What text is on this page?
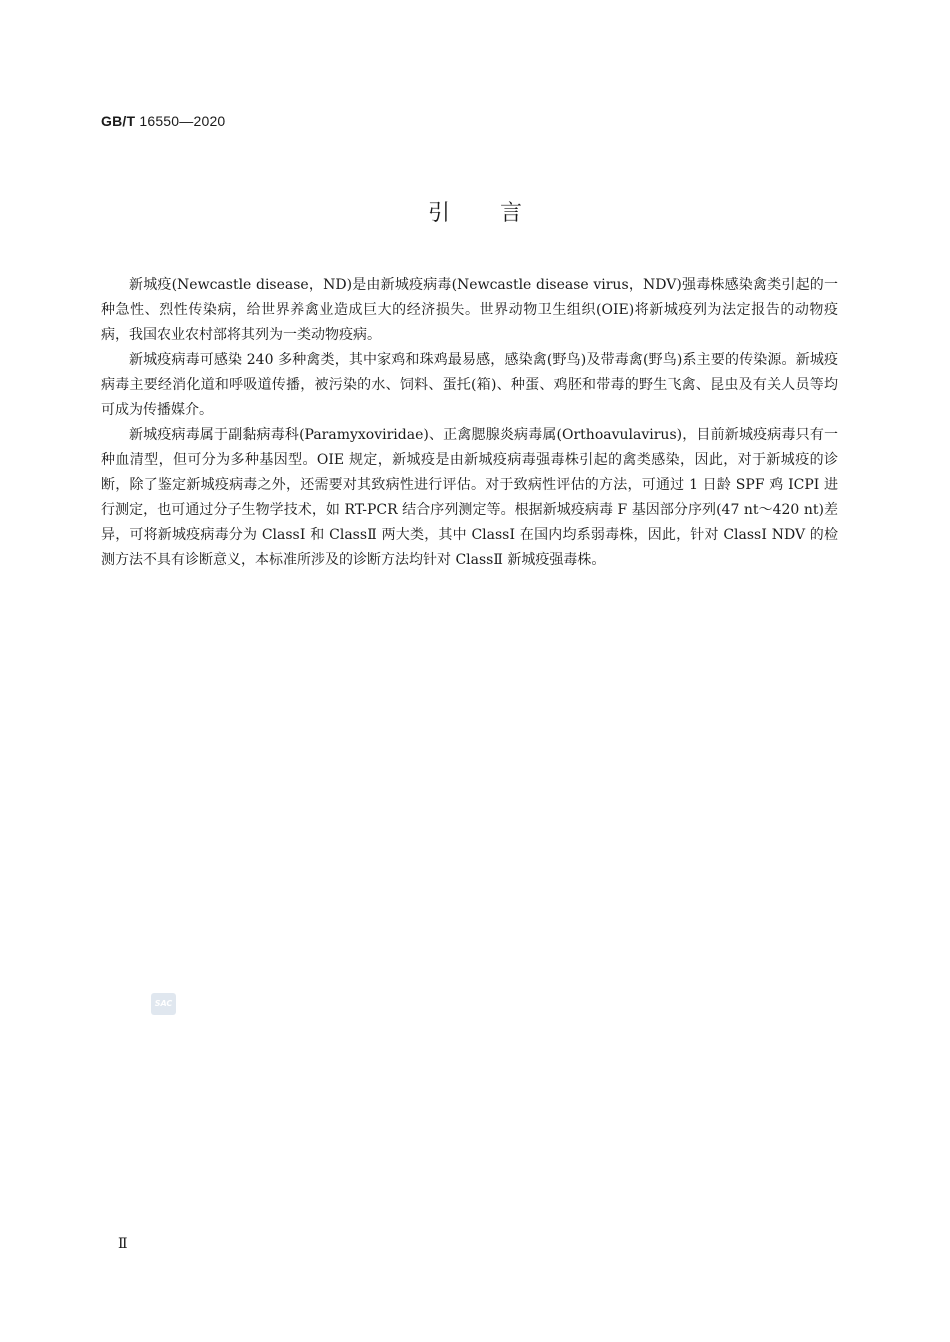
GB/T 16550—2020
引言

新城疫(Newcastle disease，ND)是由新城疫病毒(Newcastle disease virus，NDV)强毒株感染禽类引起的一种急性、烈性传染病，给世界养禽业造成巨大的经济损失。世界动物卫生组织(OIE)将新城疫列为法定报告的动物疫病，我国农业农村部将其列为一类动物疫病。

新城疫病毒可感染 240 多种禽类，其中家鸡和珠鸡最易感，感染禽(野鸟)及带毒禽(野鸟)系主要的传染源。新城疫病毒主要经消化道和呼吸道传播，被污染的水、饲料、蛋托(箱)、种蛋、鸡胚和带毒的野生飞禽、昆虫及有关人员等均可成为传播媒介。

新城疫病毒属于副黏病毒科(Paramyxoviridae)、正禽腮腺炎病毒属(Orthoavulavirus)，目前新城疫病毒只有一种血清型，但可分为多种基因型。OIE 规定，新城疫是由新城疫病毒强毒株引起的禽类感染，因此，对于新城疫的诊断，除了鉴定新城疫病毒之外，还需要对其致病性进行评估。对于致病性评估的方法，可通过 1 日龄 SPF 鸡 ICPI 进行测定，也可通过分子生物学技术，如 RT-PCR 结合序列测定等。根据新城疫病毒 F 基因部分序列(47 nt～420 nt)差异，可将新城疫病毒分为 ClassⅠ 和 ClassⅡ 两大类，其中 ClassⅠ 在国内均系弱毒株，因此，针对 ClassⅠ NDV 的检测方法不具有诊断意义，本标准所涉及的诊断方法均针对 ClassⅡ 新城疫强毒株。

SAC
Ⅱ
